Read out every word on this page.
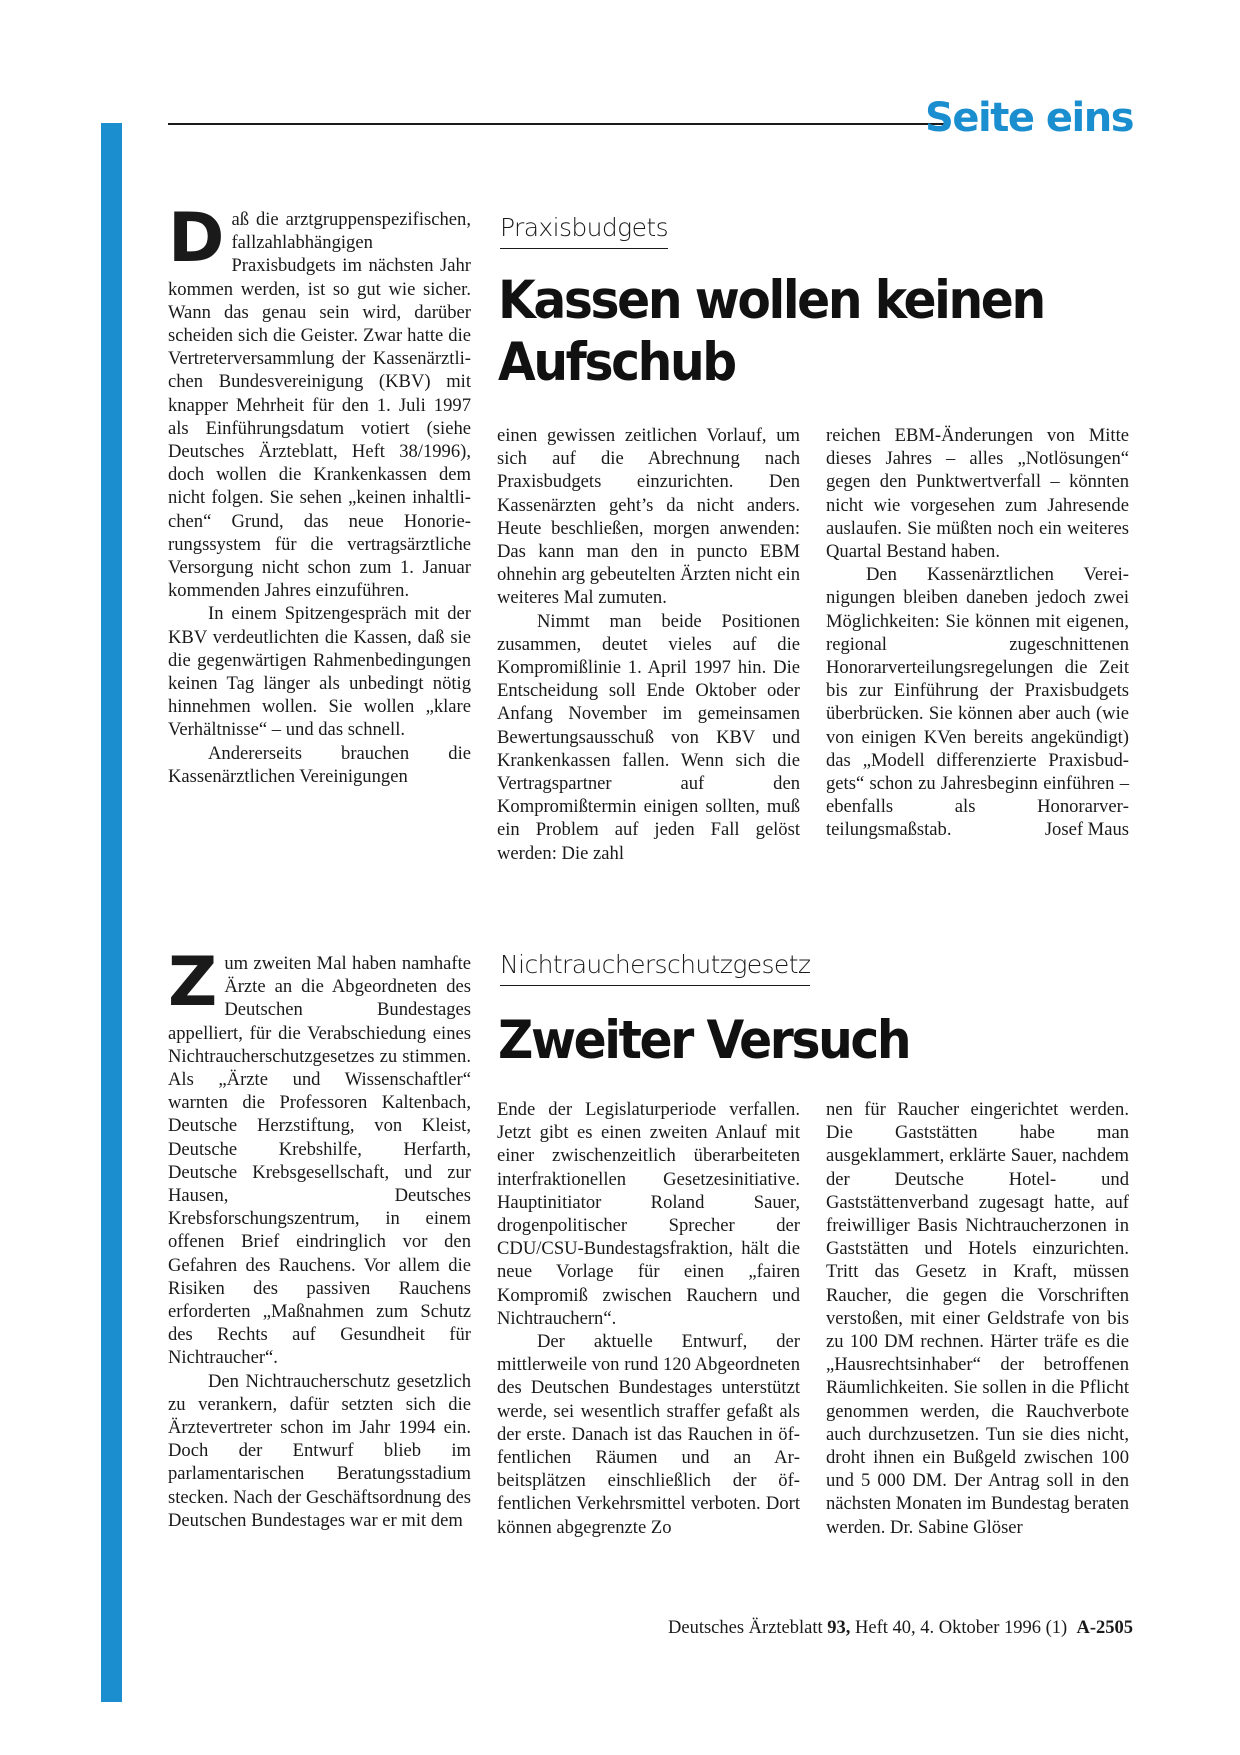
Seite eins

Daß die arztgruppenspezifischen, fallzahlabhängigen Praxisbudgets im nächsten Jahr kommen werden, ist so gut wie sicher. Wann das genau sein wird, darüber scheiden sich die Geister. Zwar hatte die Vertreterversammlung der Kassenärztlichen Bundesvereinigung (KBV) mit knapper Mehrheit für den 1. Juli 1997 als Einführungsdatum votiert (siehe Deutsches Ärzteblatt, Heft 38/1996), doch wollen die Krankenkassen dem nicht folgen. Sie sehen „keinen inhaltlichen“ Grund, das neue Honorierungssystem für die vertragsärztliche Versorgung nicht schon zum 1. Januar kommenden Jahres einzuführen.

In einem Spitzengespräch mit der KBV verdeutlichten die Kassen, daß sie die gegenwärtigen Rahmenbedingungen keinen Tag länger als unbedingt nötig hinnehmen wollen. Sie wollen „klare Verhältnisse“ – und das schnell.

Andererseits brauchen die Kassenärztlichen Vereinigungen

Praxisbudgets

Kassen wollen keinen
Aufschub

einen gewissen zeitlichen Vorlauf, um sich auf die Abrechnung nach Praxisbudgets einzurichten. Den Kassenärzten geht’s da nicht anders. Heute beschließen, morgen anwenden: Das kann man den in puncto EBM ohnehin arg gebeutelten Ärzten nicht ein weiteres Mal zumuten.

Nimmt man beide Positionen zusammen, deutet vieles auf die Kompromißlinie 1. April 1997 hin. Die Entscheidung soll Ende Oktober oder Anfang November im gemeinsamen Bewertungsausschuß von KBV und Krankenkassen fallen. Wenn sich die Vertragspartner auf den Kompromißtermin einigen sollten, muß ein Problem auf jeden Fall gelöst werden: Die zahl

reichen EBM-Änderungen von Mitte dieses Jahres – alles „Notlösungen“ gegen den Punktwertverfall – könnten nicht wie vorgesehen zum Jahresende auslaufen. Sie müßten noch ein weiteres Quartal Bestand haben.

Den Kassenärztlichen Vereinigungen bleiben daneben jedoch zwei Möglichkeiten: Sie können mit eigenen, regional zugeschnittenen Honorarverteilungsregelungen die Zeit bis zur Einführung der Praxisbudgets überbrücken. Sie können aber auch (wie von einigen KVen bereits angekündigt) das „Modell differenzierte Praxisbudgets“ schon zu Jahresbeginn einführen – ebenfalls als Honorarverteilungsmaßstab.	Josef Maus

Zum zweiten Mal haben namhafte Ärzte an die Abgeordneten des Deutschen Bundestages appelliert, für die Verabschiedung eines Nichtraucherschutzgesetzes zu stimmen. Als „Ärzte und Wissenschaftler“ warnten die Professoren Kaltenbach, Deutsche Herzstiftung, von Kleist, Deutsche Krebshilfe, Herfarth, Deutsche Krebsgesellschaft, und zur Hausen, Deutsches Krebsforschungszentrum, in einem offenen Brief eindringlich vor den Gefahren des Rauchens. Vor allem die Risiken des passiven Rauchens erforderten „Maßnahmen zum Schutz des Rechts auf Gesundheit für Nichtraucher“.

Den Nichtraucherschutz gesetzlich zu verankern, dafür setzten sich die Ärztevertreter schon im Jahr 1994 ein. Doch der Entwurf blieb im parlamentarischen Beratungsstadium stecken. Nach der Geschäftsordnung des Deutschen Bundestages war er mit dem

Nichtraucherschutzgesetz

Zweiter Versuch

Ende der Legislaturperiode verfallen. Jetzt gibt es einen zweiten Anlauf mit einer zwischenzeitlich überarbeiteten interfraktionellen Gesetzesinitiative. Hauptinitiator Roland Sauer, drogenpolitischer Sprecher der CDU/CSU-Bundestagsfraktion, hält die neue Vorlage für einen „fairen Kompromiß zwischen Rauchern und Nichtrauchern“.

Der aktuelle Entwurf, der mittlerweile von rund 120 Abgeordneten des Deutschen Bundestages unterstützt werde, sei wesentlich straffer gefaßt als der erste. Danach ist das Rauchen in öffentlichen Räumen und an Arbeitsplätzen einschließlich der öffentlichen Verkehrsmittel verboten. Dort können abgegrenzte Zo

nen für Raucher eingerichtet werden. Die Gaststätten habe man ausgeklammert, erklärte Sauer, nachdem der Deutsche Hotel- und Gaststättenverband zugesagt hatte, auf freiwilliger Basis Nichtraucherzonen in Gaststätten und Hotels einzurichten. Tritt das Gesetz in Kraft, müssen Raucher, die gegen die Vorschriften verstoßen, mit einer Geldstrafe von bis zu 100 DM rechnen. Härter träfe es die „Hausrechtsinhaber“ der betroffenen Räumlichkeiten. Sie sollen in die Pflicht genommen werden, die Rauchverbote auch durchzusetzen. Tun sie dies nicht, droht ihnen ein Bußgeld zwischen 100 und 5 000 DM. Der Antrag soll in den nächsten Monaten im Bundestag beraten werden. Dr. Sabine Glöser

Deutsches Ärzteblatt 93, Heft 40, 4. Oktober 1996 (1) A-2505
